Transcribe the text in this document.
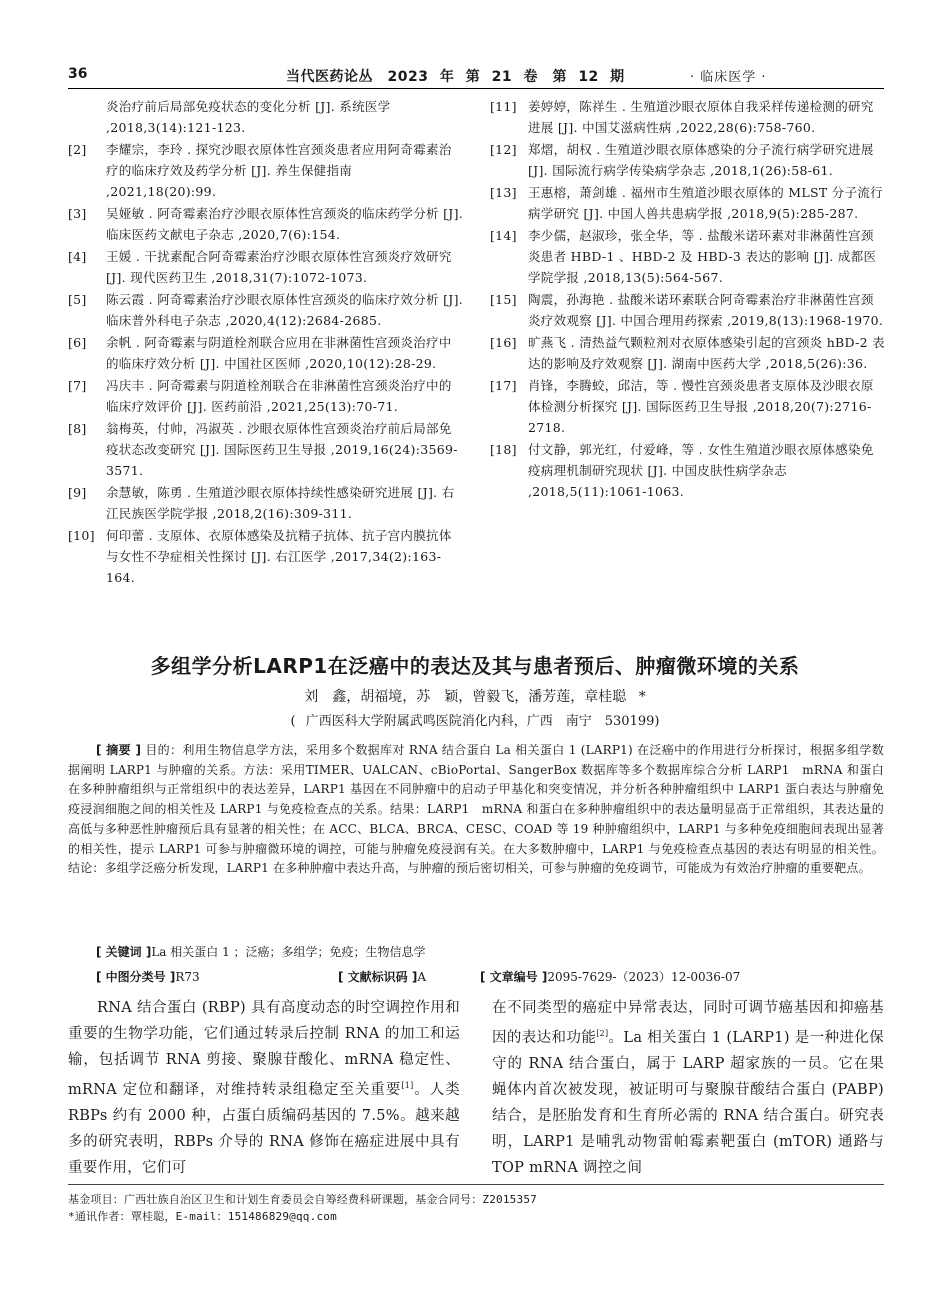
36	当代医药论丛　2023 年 第 21 卷　第 12 期	· 临床医学 ·
炎治疗前后局部免疫状态的变化分析 [J]. 系统医学 ,2018,3(14):121-123.
[2] 李耀宗，李玲 . 探究沙眼衣原体性宫颈炎患者应用阿奇霉素治疗的临床疗效及药学分析 [J]. 养生保健指南 ,2021,18(20):99.
[3] 吴娅敏 . 阿奇霉素治疗沙眼衣原体性宫颈炎的临床药学分析 [J]. 临床医药文献电子杂志 ,2020,7(6):154.
[4] 王媛 . 干扰素配合阿奇霉素治疗沙眼衣原体性宫颈炎疗效研究 [J]. 现代医药卫生 ,2018,31(7):1072-1073.
[5] 陈云霞 . 阿奇霉素治疗沙眼衣原体性宫颈炎的临床疗效分析 [J]. 临床普外科电子杂志 ,2020,4(12):2684-2685.
[6] 余帆 . 阿奇霉素与阴道栓剂联合应用在非淋菌性宫颈炎治疗中的临床疗效分析 [J]. 中国社区医师 ,2020,10(12):28-29.
[7] 冯庆丰 . 阿奇霉素与阴道栓剂联合在非淋菌性宫颈炎治疗中的临床疗效评价 [J]. 医药前沿 ,2021,25(13):70-71.
[8] 翁梅英，付帅，冯淑英 . 沙眼衣原体性宫颈炎治疗前后局部免疫状态改变研究 [J]. 国际医药卫生导报 ,2019,16(24):3569-3571.
[9] 余慧敏，陈勇 . 生殖道沙眼衣原体持续性感染研究进展 [J]. 右江民族医学院学报 ,2018,2(16):309-311.
[10] 何印蕾 . 支原体、衣原体感染及抗精子抗体、抗子宫内膜抗体与女性不孕症相关性探讨 [J]. 右江医学 ,2017,34(2):163-164.
[11] 姜婷婷，陈祥生 . 生殖道沙眼衣原体自我采样传递检测的研究进展 [J]. 中国艾滋病性病 ,2022,28(6):758-760.
[12] 郑熠，胡权 . 生殖道沙眼衣原体感染的分子流行病学研究进展 [J]. 国际流行病学传染病学杂志 ,2018,1(26):58-61.
[13] 王惠榕，萧剑雄 . 福州市生殖道沙眼衣原体的 MLST 分子流行病学研究 [J]. 中国人兽共患病学报 ,2018,9(5):285-287.
[14] 李少儒，赵淑珍，张全华，等 . 盐酸米诺环素对非淋菌性宫颈炎患者 HBD-1 、HBD-2 及 HBD-3 表达的影响 [J]. 成都医学院学报 ,2018,13(5):564-567.
[15] 陶震，孙海艳 . 盐酸米诺环素联合阿奇霉素治疗非淋菌性宫颈炎疗效观察 [J]. 中国合理用药探索 ,2019,8(13):1968-1970.
[16] 旷燕飞 . 清热益气颗粒剂对衣原体感染引起的宫颈炎 hBD-2 表达的影响及疗效观察 [J]. 湖南中医药大学 ,2018,5(26):36.
[17] 肖锋，李腾蛟，邱洁，等 . 慢性宫颈炎患者支原体及沙眼衣原体检测分析探究 [J]. 国际医药卫生导报 ,2018,20(7):2716-2718.
[18] 付文静，郭光红，付爱峰，等 . 女性生殖道沙眼衣原体感染免疫病理机制研究现状 [J]. 中国皮肤性病学杂志 ,2018,5(11):1061-1063.
多组学分析LARP1在泛癌中的表达及其与患者预后、肿瘤微环境的关系
刘　鑫，胡福境，苏　颖，曾毅飞，潘芳莲，章桂聪 *
( 广西医科大学附属武鸣医院消化内科，广西　南宁　530199)
[ 摘要 ] 目的：利用生物信息学方法，采用多个数据库对 RNA 结合蛋白 La 相关蛋白 1 (LARP1) 在泛癌中的作用进行分析探讨，根据多组学数据阐明 LARP1 与肿瘤的关系。方法：采用TIMER、UALCAN、cBioPortal、SangerBox 数据库等多个数据库综合分析 LARP1　mRNA 和蛋白在多种肿瘤组织与正常组织中的表达差异，LARP1 基因在不同肿瘤中的启动子甲基化和突变情况，并分析各种肿瘤组织中 LARP1 蛋白表达与肿瘤免疫浸润细胞之间的相关性及 LARP1 与免疫检查点的关系。结果：LARP1　mRNA 和蛋白在多种肿瘤组织中的表达量明显高于正常组织，其表达量的高低与多种恶性肿瘤预后具有显著的相关性；在 ACC、BLCA、BRCA、CESC、COAD 等 19 种肿瘤组织中，LARP1 与多种免疫细胞间表现出显著的相关性，提示 LARP1 可参与肿瘤微环境的调控，可能与肿瘤免疫浸润有关。在大多数肿瘤中，LARP1 与免疫检查点基因的表达有明显的相关性。结论：多组学泛癌分析发现，LARP1 在多种肿瘤中表达升高，与肿瘤的预后密切相关，可参与肿瘤的免疫调节，可能成为有效治疗肿瘤的重要靶点。
[ 关键词 ]La 相关蛋白 1 ；泛癌；多组学；免疫；生物信息学
[ 中图分类号 ]R73	[ 文献标识码 ]A	[ 文章编号 ]2095-7629-（2023）12-0036-07
RNA 结合蛋白 (RBP) 具有高度动态的时空调控作用和重要的生物学功能，它们通过转录后控制 RNA 的加工和运输，包括调节 RNA 剪接、聚腺苷酸化、mRNA 稳定性、mRNA 定位和翻译，对维持转录组稳定至关重要[1]。人类 RBPs 约有 2000 种，占蛋白质编码基因的 7.5%。越来越多的研究表明，RBPs 介导的 RNA 修饰在癌症进展中具有重要作用，它们可
在不同类型的癌症中异常表达，同时可调节癌基因和抑癌基因的表达和功能[2]。La 相关蛋白 1 (LARP1) 是一种进化保守的 RNA 结合蛋白，属于 LARP 超家族的一员。它在果蝇体内首次被发现，被证明可与聚腺苷酸结合蛋白 (PABP) 结合，是胚胎发育和生育所必需的 RNA 结合蛋白。研究表明，LARP1 是哺乳动物雷帕霉素靶蛋白 (mTOR) 通路与 TOP mRNA 调控之间
基金项目：广西壮族自治区卫生和计划生育委员会自筹经费科研课题，基金合同号：Z2015357
*通讯作者：覃桂聪，E-mail：151486829@qq.com
